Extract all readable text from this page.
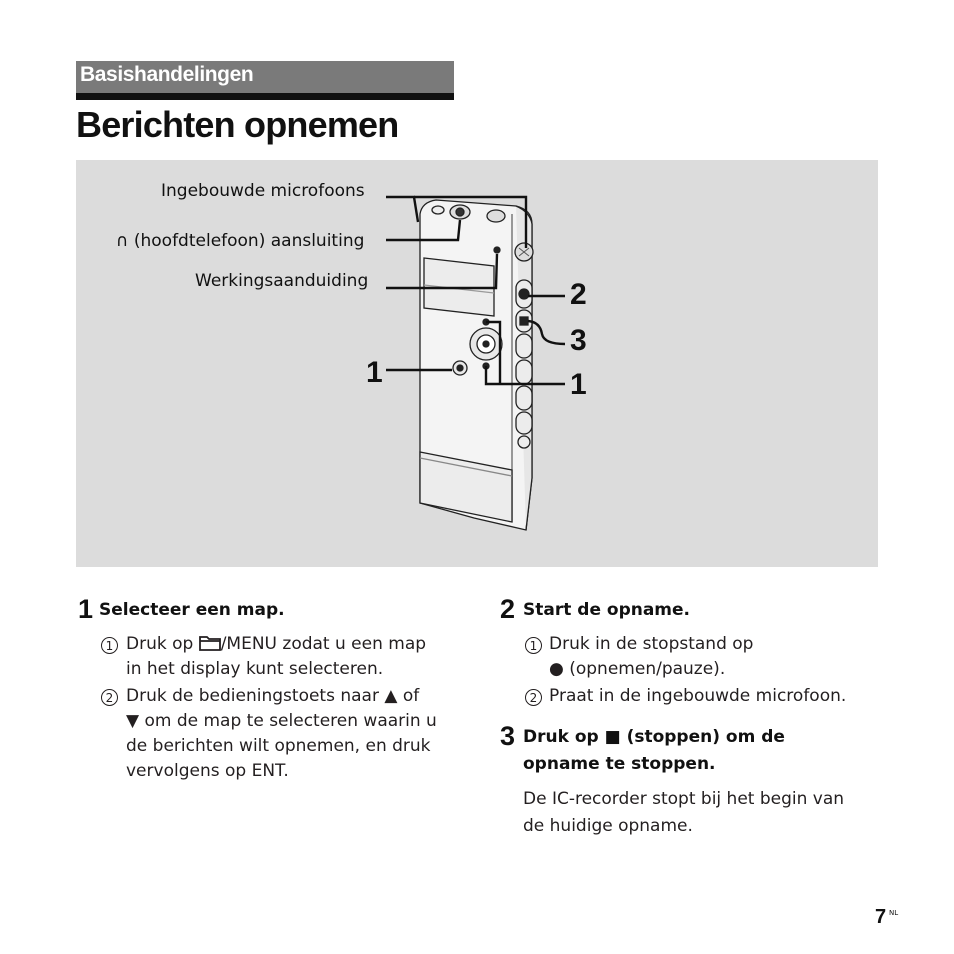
Basishandelingen
Berichten opnemen
Ingebouwde microfoons
∩ (hoofdtelefoon) aansluiting
Werkingsaanduiding
1
2
3
1
1 Selecteer een map.
1 Druk op /MENU zodat u een map
in het display kunt selecteren.
2 Druk de bedieningstoets naar ▲ of
▼ om de map te selecteren waarin u
de berichten wilt opnemen, en druk
vervolgens op ENT.
2 Start de opname.
1 Druk in de stopstand op
● (opnemen/pauze).
2 Praat in de ingebouwde microfoon.
3 Druk op ■ (stoppen) om de
opname te stoppen.
De IC-recorder stopt bij het begin van
de huidige opname.
7 NL
